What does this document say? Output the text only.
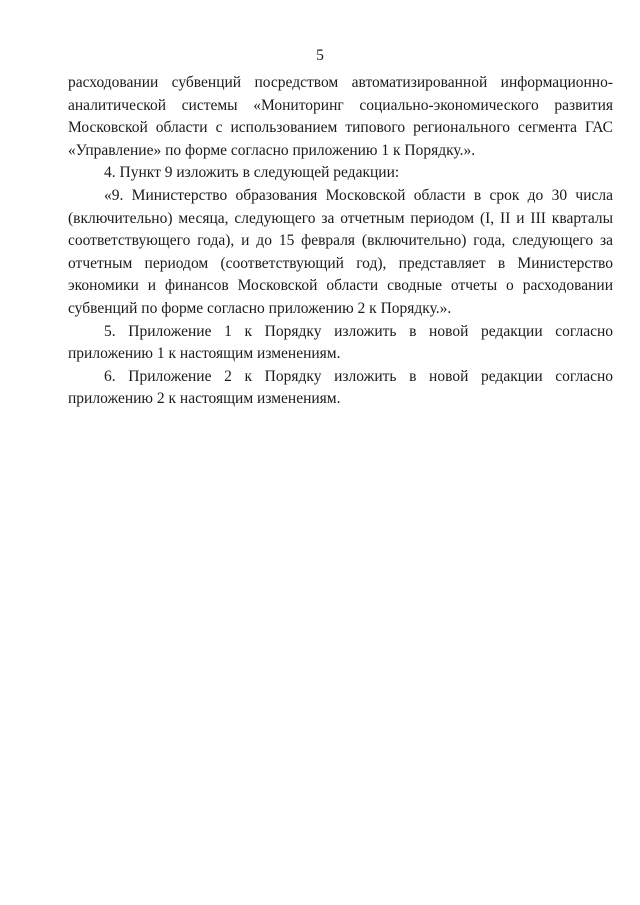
5

расходовании субвенций посредством автоматизированной информационно-аналитической системы «Мониторинг социально-экономического развития Московской области с использованием типового регионального сегмента ГАС «Управление» по форме согласно приложению 1 к Порядку.».

4. Пункт 9 изложить в следующей редакции:

«9. Министерство образования Московской области в срок до 30 числа (включительно) месяца, следующего за отчетным периодом (I, II и III кварталы соответствующего года), и до 15 февраля (включительно) года, следующего за отчетным периодом (соответствующий год), представляет в Министерство экономики и финансов Московской области сводные отчеты о расходовании субвенций по форме согласно приложению 2 к Порядку.».

5. Приложение 1 к Порядку изложить в новой редакции согласно приложению 1 к настоящим изменениям.

6. Приложение 2 к Порядку изложить в новой редакции согласно приложению 2 к настоящим изменениям.
